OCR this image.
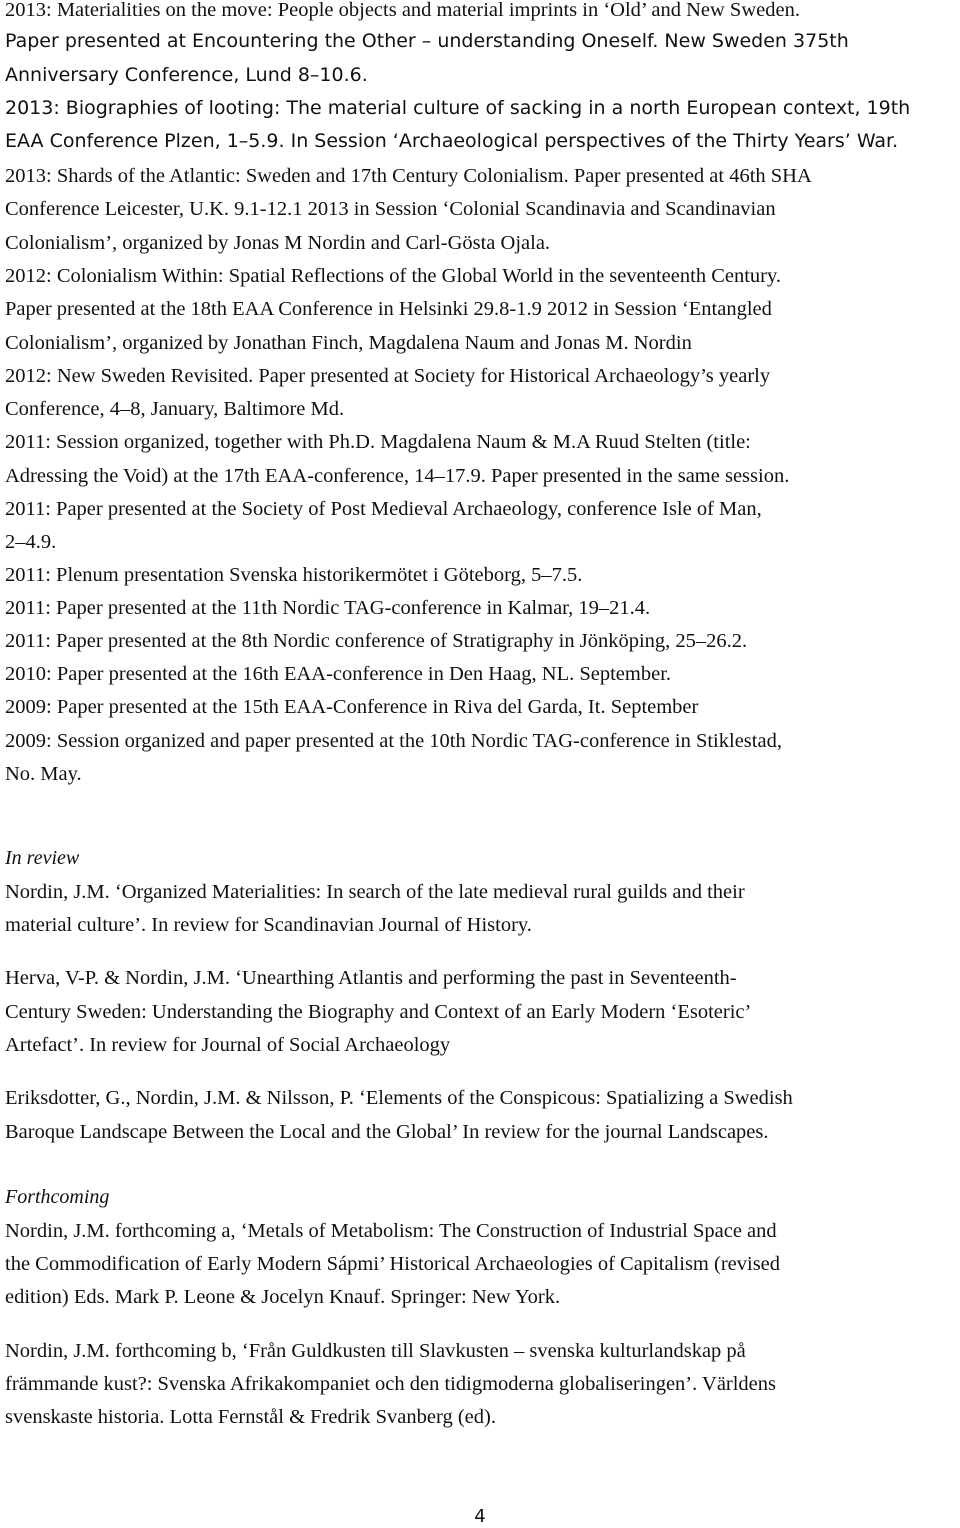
2013: Materialities on the move: People objects and material imprints in ‘Old’ and New Sweden.
Paper presented at Encountering the Other – understanding Oneself. New Sweden 375th
Anniversary Conference, Lund 8–10.6.
2013: Biographies of looting: The material culture of sacking in a north European context, 19th
EAA Conference Plzen, 1–5.9. In Session ‘Archaeological perspectives of the Thirty Years’ War.
2013: Shards of the Atlantic: Sweden and 17th Century Colonialism. Paper presented at 46th SHA
Conference Leicester, U.K. 9.1-12.1 2013 in Session ‘Colonial Scandinavia and Scandinavian
Colonialism’, organized by Jonas M Nordin and Carl-Gösta Ojala.
2012: Colonialism Within: Spatial Reflections of the Global World in the seventeenth Century.
Paper presented at the 18th EAA Conference in Helsinki 29.8-1.9 2012 in Session ‘Entangled
Colonialism’, organized by Jonathan Finch, Magdalena Naum and Jonas M. Nordin
2012: New Sweden Revisited. Paper presented at Society for Historical Archaeology’s yearly
Conference, 4–8, January, Baltimore Md.
2011: Session organized, together with Ph.D. Magdalena Naum & M.A Ruud Stelten (title:
Adressing the Void) at the 17th EAA-conference, 14–17.9. Paper presented in the same session.
2011: Paper presented at the Society of Post Medieval Archaeology, conference Isle of Man,
2–4.9.
2011: Plenum presentation Svenska historikermötet i Göteborg, 5–7.5.
2011: Paper presented at the 11th Nordic TAG-conference in Kalmar, 19–21.4.
2011: Paper presented at the 8th Nordic conference of Stratigraphy in Jönköping, 25–26.2.
2010: Paper presented at the 16th EAA-conference in Den Haag, NL. September.
2009: Paper presented at the 15th EAA-Conference in Riva del Garda, It. September
2009: Session organized and paper presented at the 10th Nordic TAG-conference in Stiklestad,
No. May.
In review
Nordin, J.M. ‘Organized Materialities: In search of the late medieval rural guilds and their
material culture’. In review for Scandinavian Journal of History.
Herva, V-P. & Nordin, J.M. ‘Unearthing Atlantis and performing the past in Seventeenth-
Century Sweden: Understanding the Biography and Context of an Early Modern ‘Esoteric’
Artefact’. In review for Journal of Social Archaeology
Eriksdotter, G., Nordin, J.M. & Nilsson, P. ‘Elements of the Conspicous: Spatializing a Swedish
Baroque Landscape Between the Local and the Global’ In review for the journal Landscapes.
Forthcoming
Nordin, J.M. forthcoming a, ‘Metals of Metabolism: The Construction of Industrial Space and
the Commodification of Early Modern Sápmi’ Historical Archaeologies of Capitalism (revised
edition) Eds. Mark P. Leone & Jocelyn Knauf. Springer: New York.
Nordin, J.M. forthcoming b, ‘Från Guldkusten till Slavkusten – svenska kulturlandskap på
främmande kust?: Svenska Afrikakompaniet och den tidigmoderna globaliseringen’. Världens
svenskaste historia. Lotta Fernstål & Fredrik Svanberg (ed).
4
